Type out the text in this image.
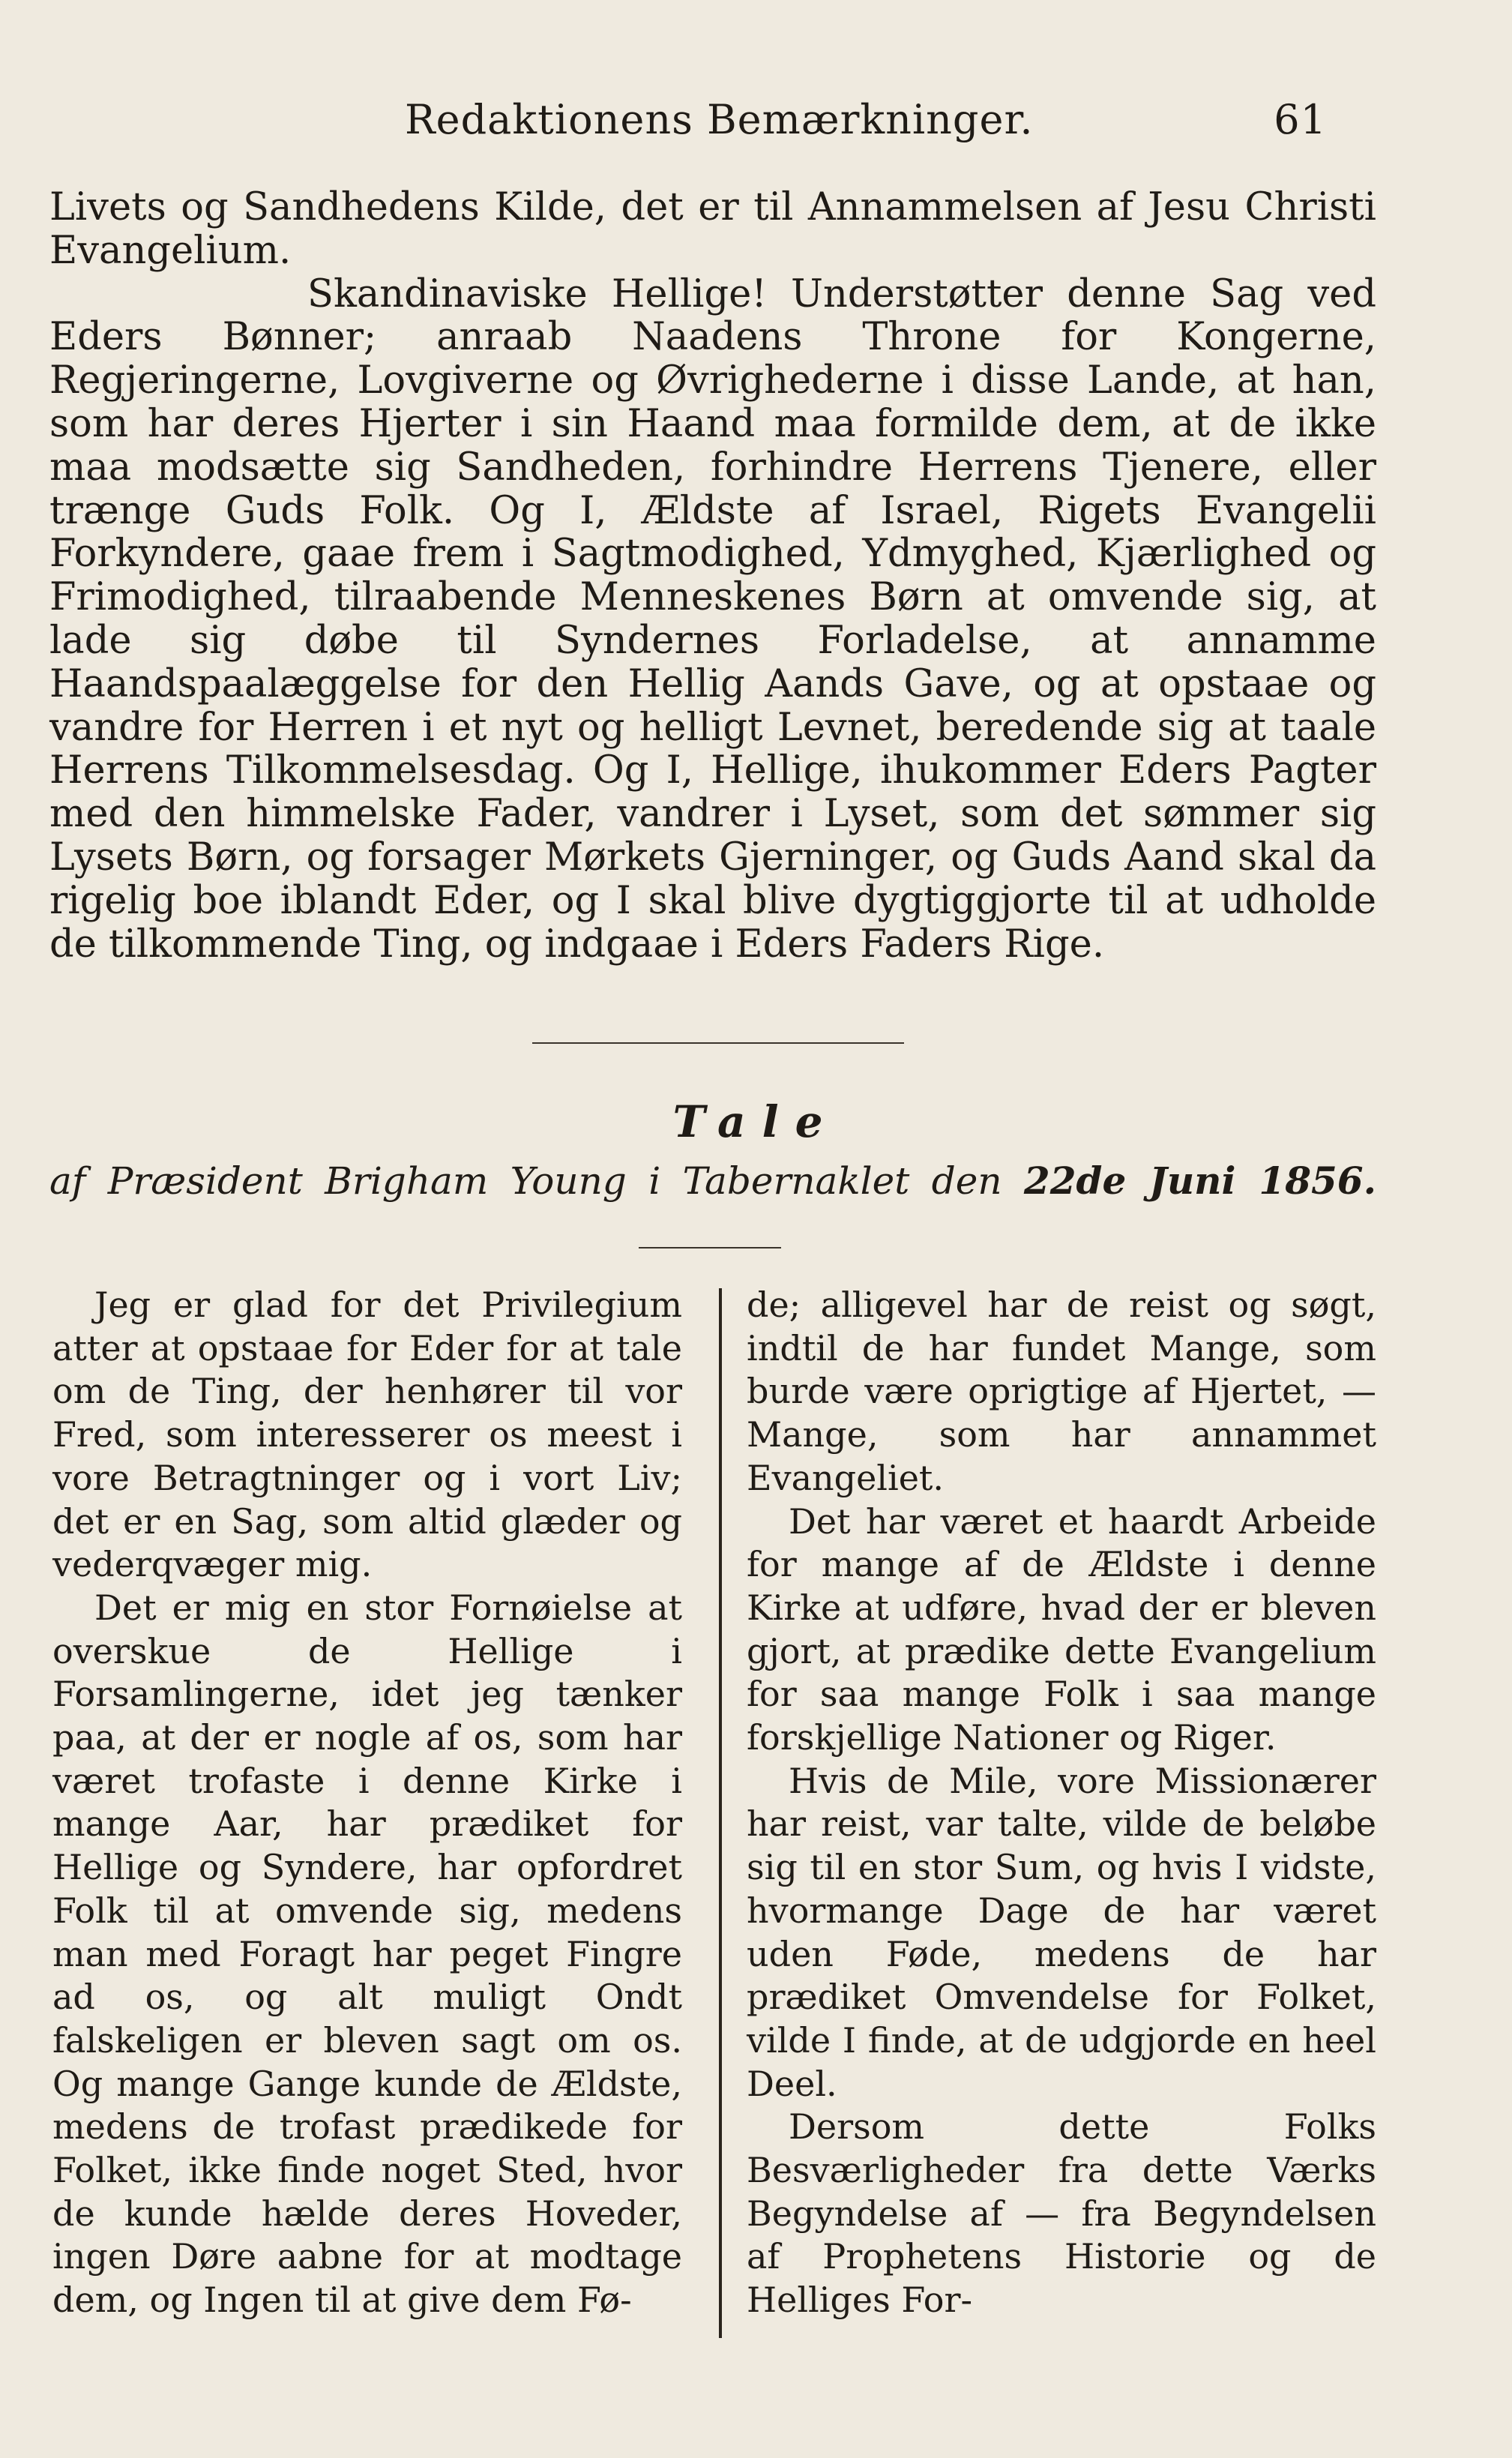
Redaktionens Bemærkninger.	61

Livets og Sandhedens Kilde, det er til Annammelsen af Jesu Christi Evangelium.

Skandinaviske Hellige! Understøtter denne Sag ved Eders Bønner; anraab Naadens Throne for Kongerne, Regjeringerne, Lovgiverne og Øvrighederne i disse Lande, at han, som har deres Hjerter i sin Haand maa formilde dem, at de ikke maa modsætte sig Sandheden, forhindre Herrens Tjenere, eller trænge Guds Folk. Og I, Ældste af Israel, Rigets Evangelii Forkyndere, gaae frem i Sagtmodighed, Ydmyghed, Kjærlighed og Frimodighed, tilraabende Menneskenes Børn at omvende sig, at lade sig døbe til Syndernes Forladelse, at annamme Haandspaalæggelse for den Hellig Aands Gave, og at opstaae og vandre for Herren i et nyt og helligt Levnet, beredende sig at taale Herrens Tilkommelsesdag. Og I, Hellige, ihukommer Eders Pagter med den himmelske Fader, vandrer i Lyset, som det sømmer sig Lysets Børn, og forsager Mørkets Gjerninger, og Guds Aand skal da rigelig boe iblandt Eder, og I skal blive dygtiggjorte til at udholde de tilkommende Ting, og indgaae i Eders Faders Rige.

Tale
af Præsident Brigham Young i Tabernaklet den 22de Juni 1856.

Jeg er glad for det Privilegium atter at opstaae for Eder for at tale om de Ting, der henhører til vor Fred, som interesserer os meest i vore Betragtninger og i vort Liv; det er en Sag, som altid glæder og vederqvæger mig.

Det er mig en stor Fornøielse at overskue de Hellige i Forsamlingerne, idet jeg tænker paa, at der er nogle af os, som har været trofaste i denne Kirke i mange Aar, har prædiket for Hellige og Syndere, har opfordret Folk til at omvende sig, medens man med Foragt har peget Fingre ad os, og alt muligt Ondt falskeligen er bleven sagt om os. Og mange Gange kunde de Ældste, medens de trofast prædikede for Folket, ikke finde noget Sted, hvor de kunde hælde deres Hoveder, ingen Døre aabne for at modtage dem, og Ingen til at give dem Fø-

de; alligevel har de reist og søgt, indtil de har fundet Mange, som burde være oprigtige af Hjertet, — Mange, som har annammet Evangeliet.

Det har været et haardt Arbeide for mange af de Ældste i denne Kirke at udføre, hvad der er bleven gjort, at prædike dette Evangelium for saa mange Folk i saa mange forskjellige Nationer og Riger.

Hvis de Mile, vore Missionærer har reist, var talte, vilde de beløbe sig til en stor Sum, og hvis I vidste, hvormange Dage de har været uden Føde, medens de har prædiket Omvendelse for Folket, vilde I finde, at de udgjorde en heel Deel.

Dersom dette Folks Besværligheder fra dette Værks Begyndelse af — fra Begyndelsen af Prophetens Historie og de Helliges For-
